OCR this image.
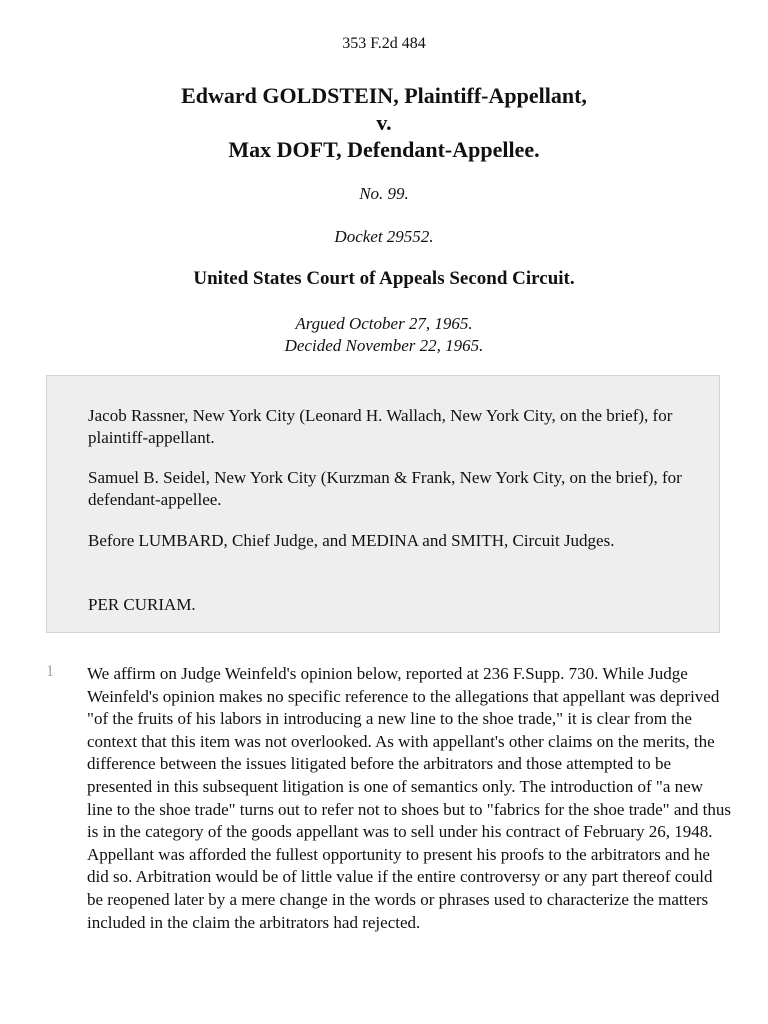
353 F.2d 484
Edward GOLDSTEIN, Plaintiff-Appellant,
v.
Max DOFT, Defendant-Appellee.
No. 99.
Docket 29552.
United States Court of Appeals Second Circuit.
Argued October 27, 1965.
Decided November 22, 1965.
Jacob Rassner, New York City (Leonard H. Wallach, New York City, on the brief), for plaintiff-appellant.
Samuel B. Seidel, New York City (Kurzman & Frank, New York City, on the brief), for defendant-appellee.
Before LUMBARD, Chief Judge, and MEDINA and SMITH, Circuit Judges.
PER CURIAM.
1 We affirm on Judge Weinfeld's opinion below, reported at 236 F.Supp. 730. While Judge Weinfeld's opinion makes no specific reference to the allegations that appellant was deprived "of the fruits of his labors in introducing a new line to the shoe trade," it is clear from the context that this item was not overlooked. As with appellant's other claims on the merits, the difference between the issues litigated before the arbitrators and those attempted to be presented in this subsequent litigation is one of semantics only. The introduction of "a new line to the shoe trade" turns out to refer not to shoes but to "fabrics for the shoe trade" and thus is in the category of the goods appellant was to sell under his contract of February 26, 1948. Appellant was afforded the fullest opportunity to present his proofs to the arbitrators and he did so. Arbitration would be of little value if the entire controversy or any part thereof could be reopened later by a mere change in the words or phrases used to characterize the matters included in the claim the arbitrators had rejected.
